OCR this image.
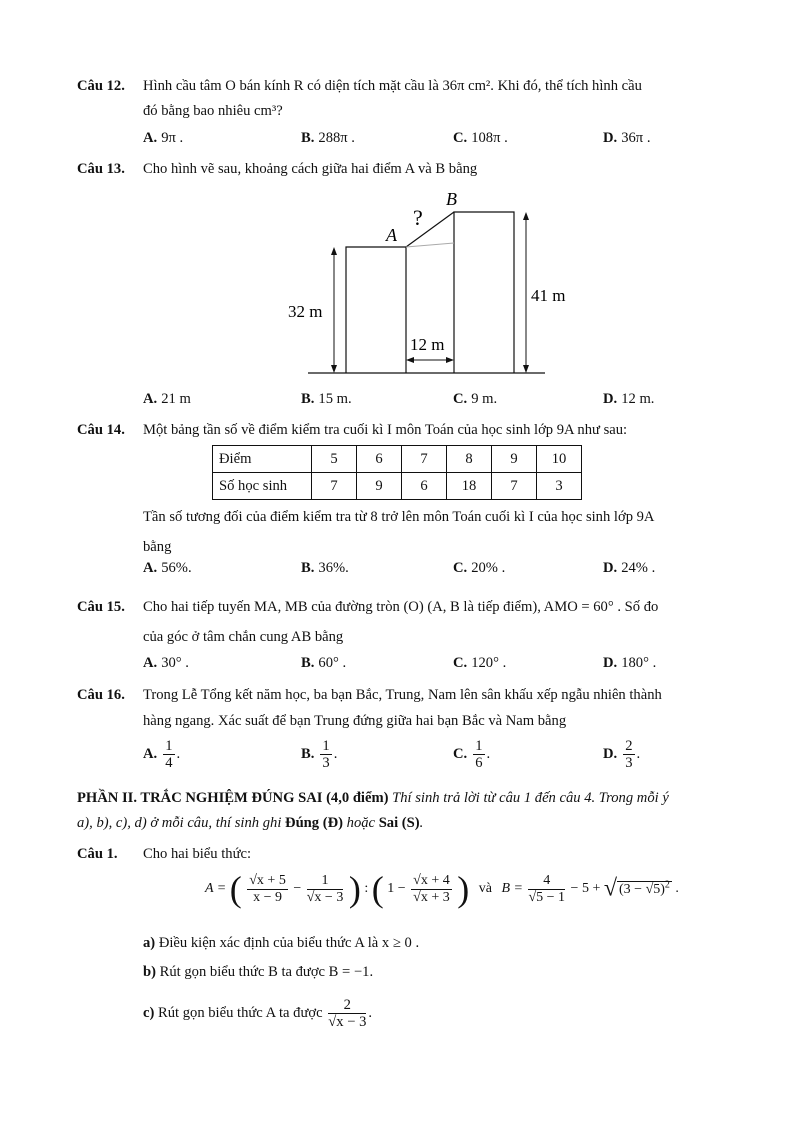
Câu 12. Hình cầu tâm O bán kính R có diện tích mặt cầu là 36π cm². Khi đó, thể tích hình cầu
đó bằng bao nhiêu cm³?
A. 9π .	B. 288π .	C. 108π .	D. 36π .
Câu 13. Cho hình vẽ sau, khoảng cách giữa hai điểm A và B bằng
A
B
?
32 m
41 m
12 m
A. 21 m	B. 15 m.	C. 9 m.	D. 12 m.
Câu 14. Một bảng tần số về điểm kiểm tra cuối kì I môn Toán của học sinh lớp 9A như sau:
Điểm	5	6	7	8	9	10
Số học sinh	7	9	6	18	7	3
Tần số tương đối của điểm kiểm tra từ 8 trở lên môn Toán cuối kì I của học sinh lớp 9A
bằng
A. 56%.	B. 36%.	C. 20% .	D. 24% .
Câu 15. Cho hai tiếp tuyến MA, MB của đường tròn (O) (A, B là tiếp điểm), AMO = 60° . Số đo
của góc ở tâm chắn cung AB bằng
A. 30° .	B. 60° .	C. 120° .	D. 180° .
Câu 16. Trong Lễ Tổng kết năm học, ba bạn Bắc, Trung, Nam lên sân khấu xếp ngẫu nhiên thành
hàng ngang. Xác suất để bạn Trung đứng giữa hai bạn Bắc và Nam bằng
A. $\frac{1}{4}$ .	B. $\frac{1}{3}$ .	C. $\frac{1}{6}$ .	D. $\frac{2}{3}$ .
PHẦN II. TRẮC NGHIỆM ĐÚNG SAI (4,0 điểm) Thí sinh trả lời từ câu 1 đến câu 4. Trong mỗi ý
a), b), c), d) ở mỗi câu, thí sinh ghi Đúng (Đ) hoặc Sai (S).
Câu 1. Cho hai biểu thức:
A = ( $\frac{√x + 5}{x - 9} - \frac{1}{√x - 3}$ ) : ( $1 - \frac{√x + 4}{√x + 3}$ ) và $B = \frac{4}{√5 - 1} - 5$ + √ $(3 - √5)^2$ .
a) Điều kiện xác định của biểu thức A là x ≥ 0 .
b) Rút gọn biểu thức B ta được B = −1.
c) Rút gọn biểu thức A ta được $\frac{2}{√x - 3}$ .
